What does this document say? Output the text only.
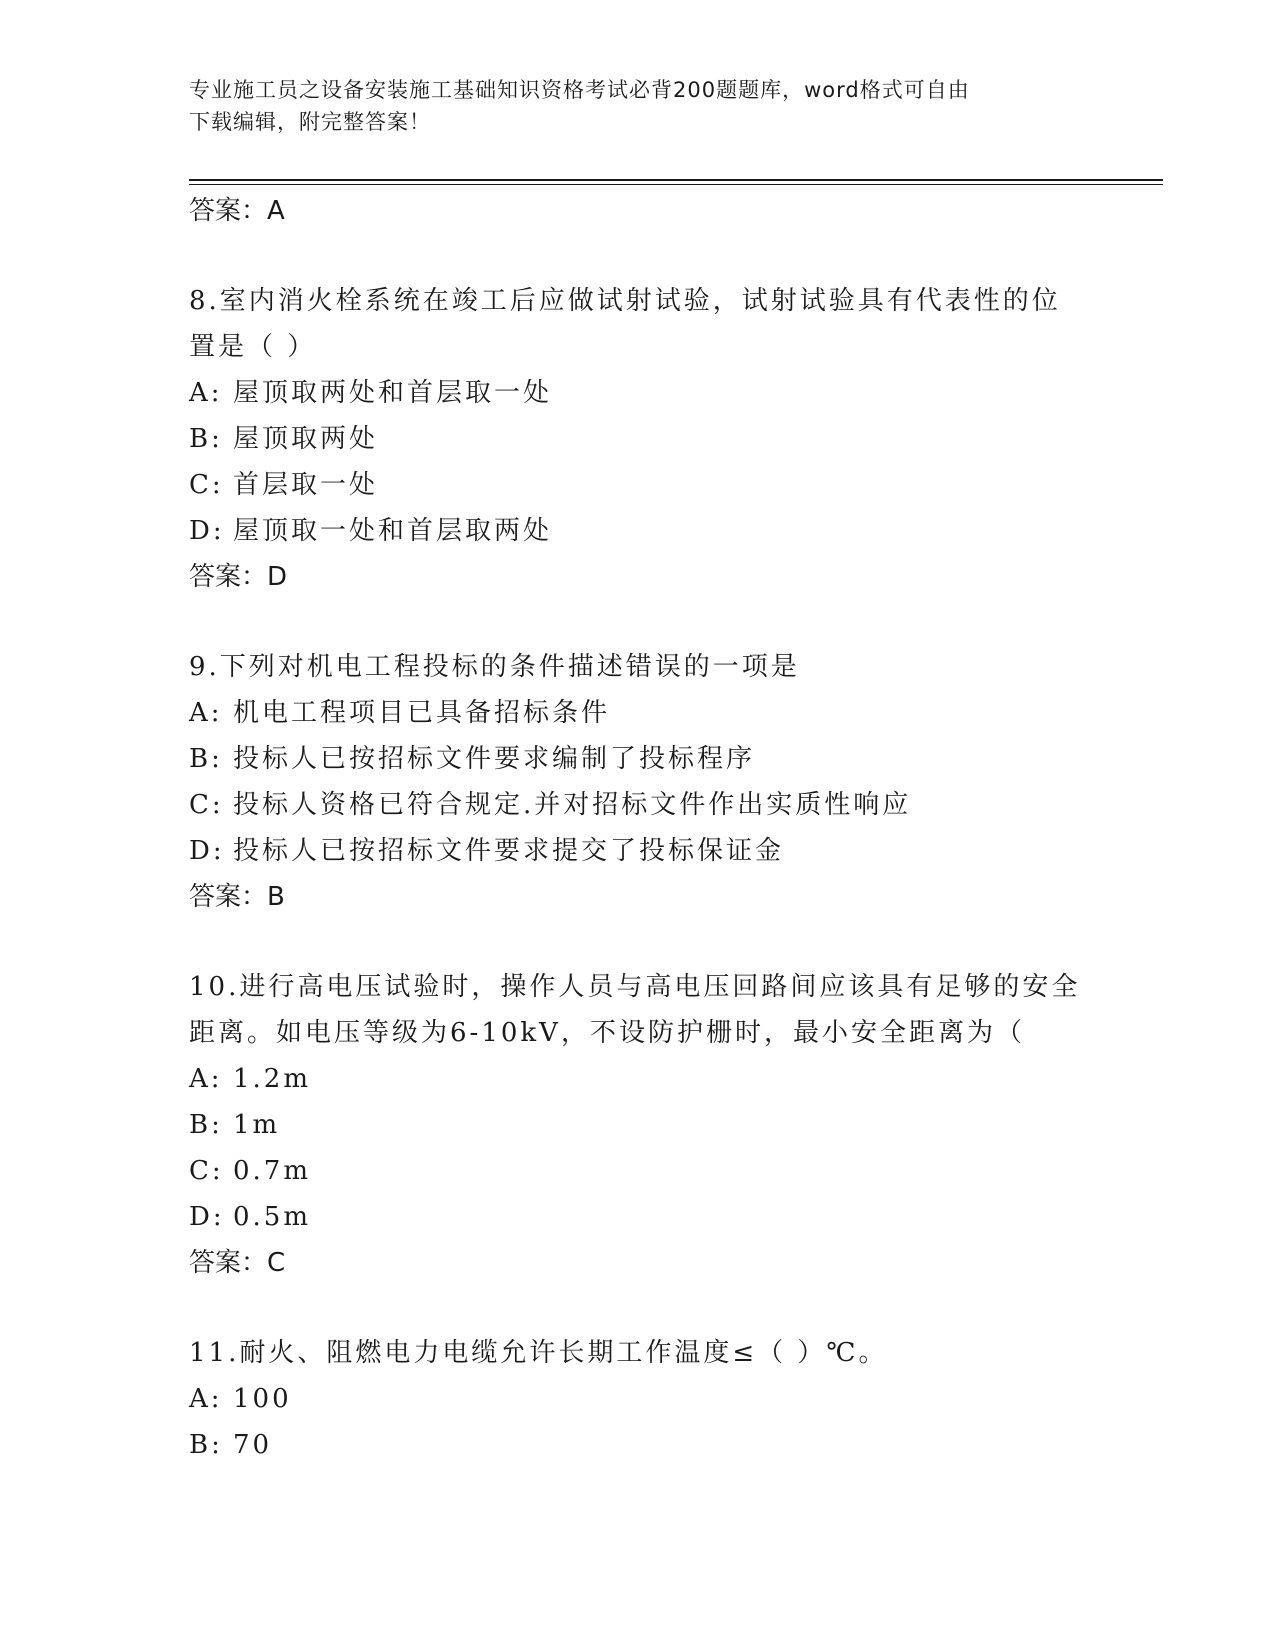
专业施工员之设备安装施工基础知识资格考试必背200题题库，word格式可自由
下载编辑，附完整答案！
答案：A
8.室内消火栓系统在竣工后应做试射试验，试射试验具有代表性的位
置是（ ）
A: 屋顶取两处和首层取一处
B: 屋顶取两处
C: 首层取一处
D: 屋顶取一处和首层取两处
答案：D
9.下列对机电工程投标的条件描述错误的一项是
A: 机电工程项目已具备招标条件
B: 投标人已按招标文件要求编制了投标程序
C: 投标人资格已符合规定.并对招标文件作出实质性响应
D: 投标人已按招标文件要求提交了投标保证金
答案：B
10.进行高电压试验时，操作人员与高电压回路间应该具有足够的安全
距离。如电压等级为6-10kV，不设防护栅时，最小安全距离为（
A: 1.2m
B: 1m
C: 0.7m
D: 0.5m
答案：C
11.耐火、阻燃电力电缆允许长期工作温度≤（ ）℃。
A: 100
B: 70
